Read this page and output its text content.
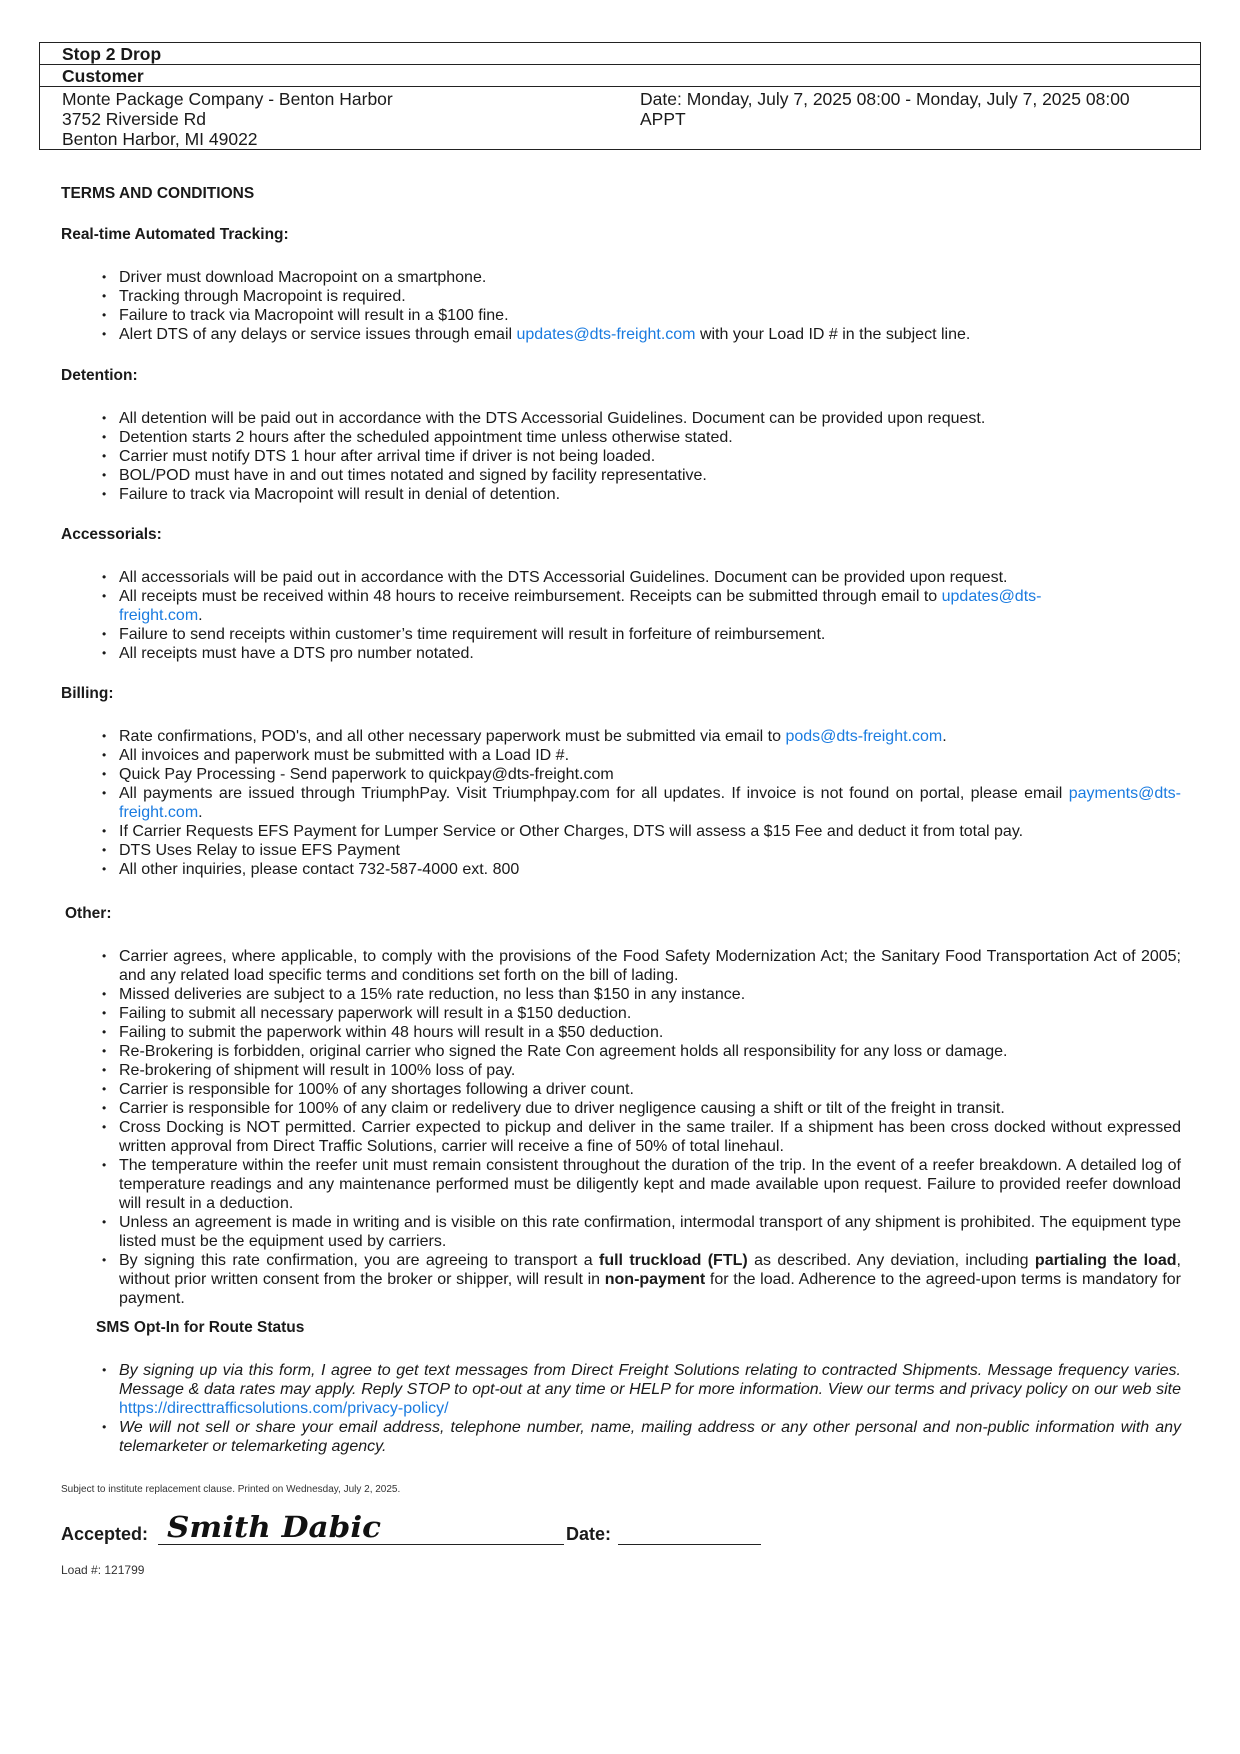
Stop 2 Drop
Customer
Monte Package Company - Benton Harbor
3752 Riverside Rd
Benton Harbor, MI 49022
Date: Monday, July 7, 2025 08:00 - Monday, July 7, 2025 08:00
APPT
TERMS AND CONDITIONS
Real-time Automated Tracking:
• Driver must download Macropoint on a smartphone.
• Tracking through Macropoint is required.
• Failure to track via Macropoint will result in a $100 fine.
• Alert DTS of any delays or service issues through email updates@dts-freight.com with your Load ID # in the subject line.
Detention:
• All detention will be paid out in accordance with the DTS Accessorial Guidelines. Document can be provided upon request.
• Detention starts 2 hours after the scheduled appointment time unless otherwise stated.
• Carrier must notify DTS 1 hour after arrival time if driver is not being loaded.
• BOL/POD must have in and out times notated and signed by facility representative.
• Failure to track via Macropoint will result in denial of detention.
Accessorials:
• All accessorials will be paid out in accordance with the DTS Accessorial Guidelines. Document can be provided upon request.
• All receipts must be received within 48 hours to receive reimbursement. Receipts can be submitted through email to updates@dts-
freight.com.
• Failure to send receipts within customer’s time requirement will result in forfeiture of reimbursement.
• All receipts must have a DTS pro number notated.
Billing:
• Rate confirmations, POD's, and all other necessary paperwork must be submitted via email to pods@dts-freight.com.
• All invoices and paperwork must be submitted with a Load ID #.
• Quick Pay Processing - Send paperwork to quickpay@dts-freight.com
• All payments are issued through TriumphPay. Visit Triumphpay.com for all updates. If invoice is not found on portal, please email payments@dts-freight.com.
• If Carrier Requests EFS Payment for Lumper Service or Other Charges, DTS will assess a $15 Fee and deduct it from total pay.
• DTS Uses Relay to issue EFS Payment
• All other inquiries, please contact 732-587-4000 ext. 800
Other:
• Carrier agrees, where applicable, to comply with the provisions of the Food Safety Modernization Act; the Sanitary Food Transportation Act of 2005; and any related load specific terms and conditions set forth on the bill of lading.
• Missed deliveries are subject to a 15% rate reduction, no less than $150 in any instance.
• Failing to submit all necessary paperwork will result in a $150 deduction.
• Failing to submit the paperwork within 48 hours will result in a $50 deduction.
• Re-Brokering is forbidden, original carrier who signed the Rate Con agreement holds all responsibility for any loss or damage.
• Re-brokering of shipment will result in 100% loss of pay.
• Carrier is responsible for 100% of any shortages following a driver count.
• Carrier is responsible for 100% of any claim or redelivery due to driver negligence causing a shift or tilt of the freight in transit.
• Cross Docking is NOT permitted. Carrier expected to pickup and deliver in the same trailer. If a shipment has been cross docked without expressed written approval from Direct Traffic Solutions, carrier will receive a fine of 50% of total linehaul.
• The temperature within the reefer unit must remain consistent throughout the duration of the trip. In the event of a reefer breakdown. A detailed log of temperature readings and any maintenance performed must be diligently kept and made available upon request. Failure to provided reefer download will result in a deduction.
• Unless an agreement is made in writing and is visible on this rate confirmation, intermodal transport of any shipment is prohibited. The equipment type listed must be the equipment used by carriers.
• By signing this rate confirmation, you are agreeing to transport a full truckload (FTL) as described. Any deviation, including partialing the load, without prior written consent from the broker or shipper, will result in non-payment for the load. Adherence to the agreed-upon terms is mandatory for payment.
SMS Opt-In for Route Status
• By signing up via this form, I agree to get text messages from Direct Freight Solutions relating to contracted Shipments. Message frequency varies. Message & data rates may apply. Reply STOP to opt-out at any time or HELP for more information. View our terms and privacy policy on our web site https://directtrafficsolutions.com/privacy-policy/
• We will not sell or share your email address, telephone number, name, mailing address or any other personal and non-public information with any telemarketer or telemarketing agency.
Subject to institute replacement clause. Printed on Wednesday, July 2, 2025.
Accepted: Smith Dabic	Date:
Load #: 121799
